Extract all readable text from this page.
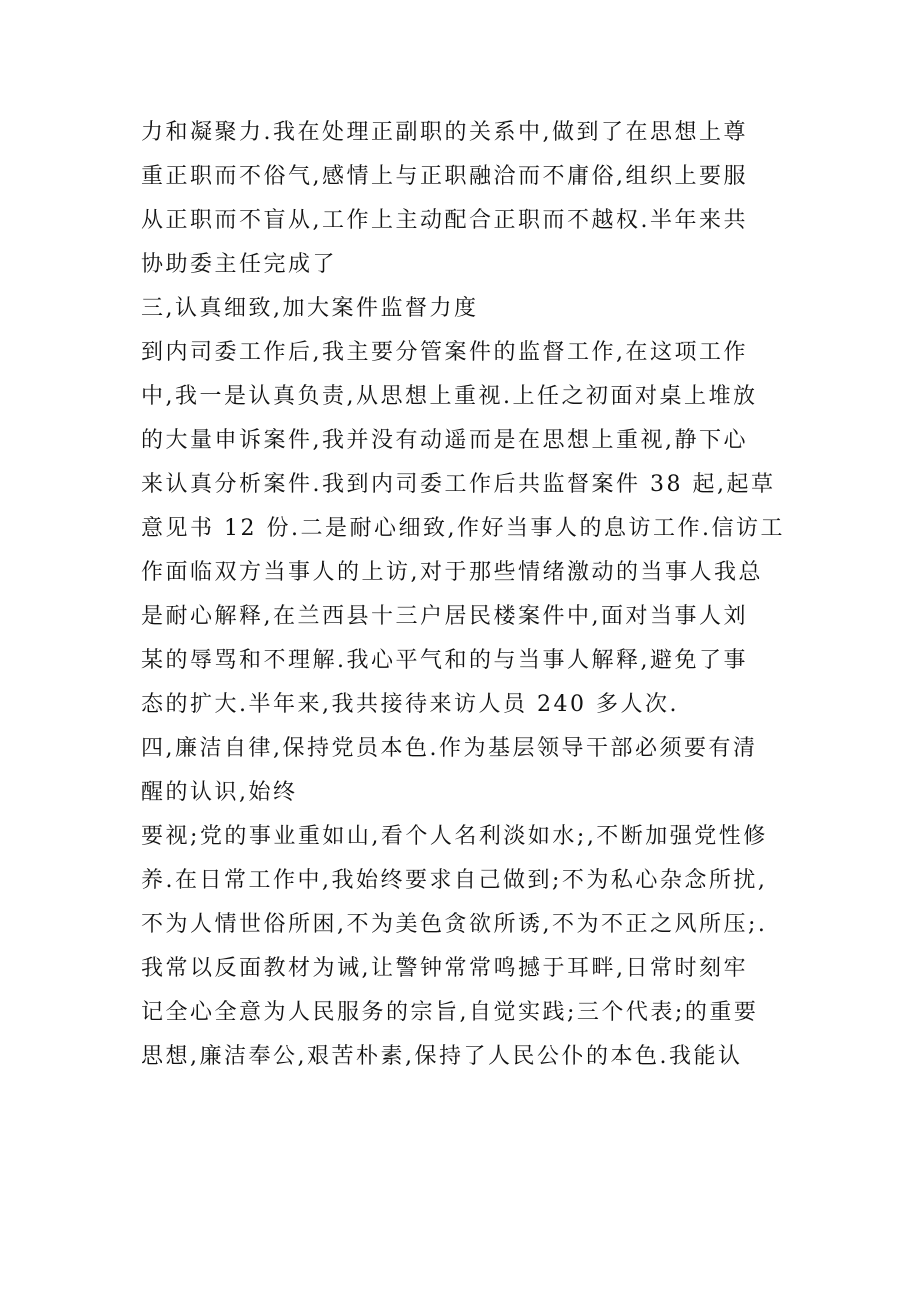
力和凝聚力.我在处理正副职的关系中,做到了在思想上尊
重正职而不俗气,感情上与正职融洽而不庸俗,组织上要服
从正职而不盲从,工作上主动配合正职而不越权.半年来共
协助委主任完成了
三,认真细致,加大案件监督力度
到内司委工作后,我主要分管案件的监督工作,在这项工作
中,我一是认真负责,从思想上重视.上任之初面对桌上堆放
的大量申诉案件,我并没有动遥而是在思想上重视,静下心
来认真分析案件.我到内司委工作后共监督案件 38 起,起草
意见书 12 份.二是耐心细致,作好当事人的息访工作.信访工
作面临双方当事人的上访,对于那些情绪激动的当事人我总
是耐心解释,在兰西县十三户居民楼案件中,面对当事人刘
某的辱骂和不理解.我心平气和的与当事人解释,避免了事
态的扩大.半年来,我共接待来访人员 240 多人次.
四,廉洁自律,保持党员本色.作为基层领导干部必须要有清
醒的认识,始终
要视;党的事业重如山,看个人名利淡如水;,不断加强党性修
养.在日常工作中,我始终要求自己做到;不为私心杂念所扰,
不为人情世俗所困,不为美色贪欲所诱,不为不正之风所压;.
我常以反面教材为诫,让警钟常常鸣撼于耳畔,日常时刻牢
记全心全意为人民服务的宗旨,自觉实践;三个代表;的重要
思想,廉洁奉公,艰苦朴素,保持了人民公仆的本色.我能认
